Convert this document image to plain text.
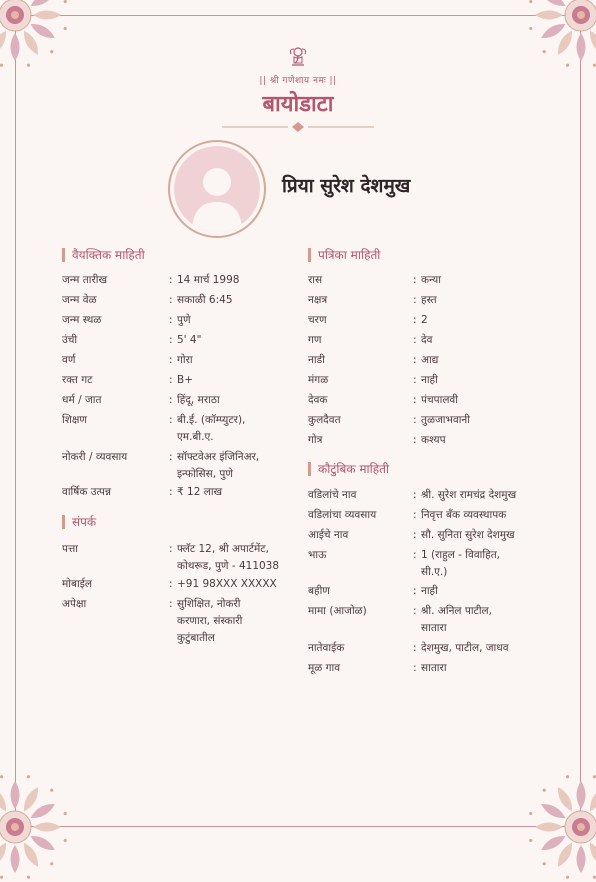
|| श्री गणेशाय नमः ||
बायोडाटा
प्रिया सुरेश देशमुख
वैयक्तिक माहिती
संपर्क
पत्रिका माहिती
कौटुंबिक माहिती
जन्म तारीख	: 14 मार्च 1998
जन्म वेळ	: सकाळी 6:45
जन्म स्थळ	: पुणे
उंची	: 5' 4"
वर्ण	: गोरा
रक्त गट	: B+
धर्म / जात	: हिंदू, मराठा
शिक्षण	: बी.ई. (कॉम्प्युटर),
एम.बी.ए.
नोकरी / व्यवसाय	: सॉफ्टवेअर इंजिनिअर,
इन्फोसिस, पुणे
वार्षिक उत्पन्न	: ₹ 12 लाख
पत्ता	: फ्लॅट 12, श्री अपार्टमेंट,
कोथरूड, पुणे - 411038
मोबाईल	: +91 98XXX XXXXX
अपेक्षा	: सुशिक्षित, नोकरी
करणारा, संस्कारी
कुटुंबातील
रास	: कन्या
नक्षत्र	: हस्त
चरण	: 2
गण	: देव
नाडी	: आद्य
मंगळ	: नाही
देवक	: पंचपालवी
कुलदैवत	: तुळजाभवानी
गोत्र	: कश्यप
वडिलांचे नाव	: श्री. सुरेश रामचंद्र देशमुख
वडिलांचा व्यवसाय	: निवृत्त बँक व्यवस्थापक
आईचे नाव	: सौ. सुनिता सुरेश देशमुख
भाऊ	: 1 (राहुल - विवाहित,
सी.ए.)
बहीण	: नाही
मामा (आजोळ)	: श्री. अनिल पाटील,
सातारा
नातेवाईक	: देशमुख, पाटील, जाधव
मूळ गाव	: सातारा
